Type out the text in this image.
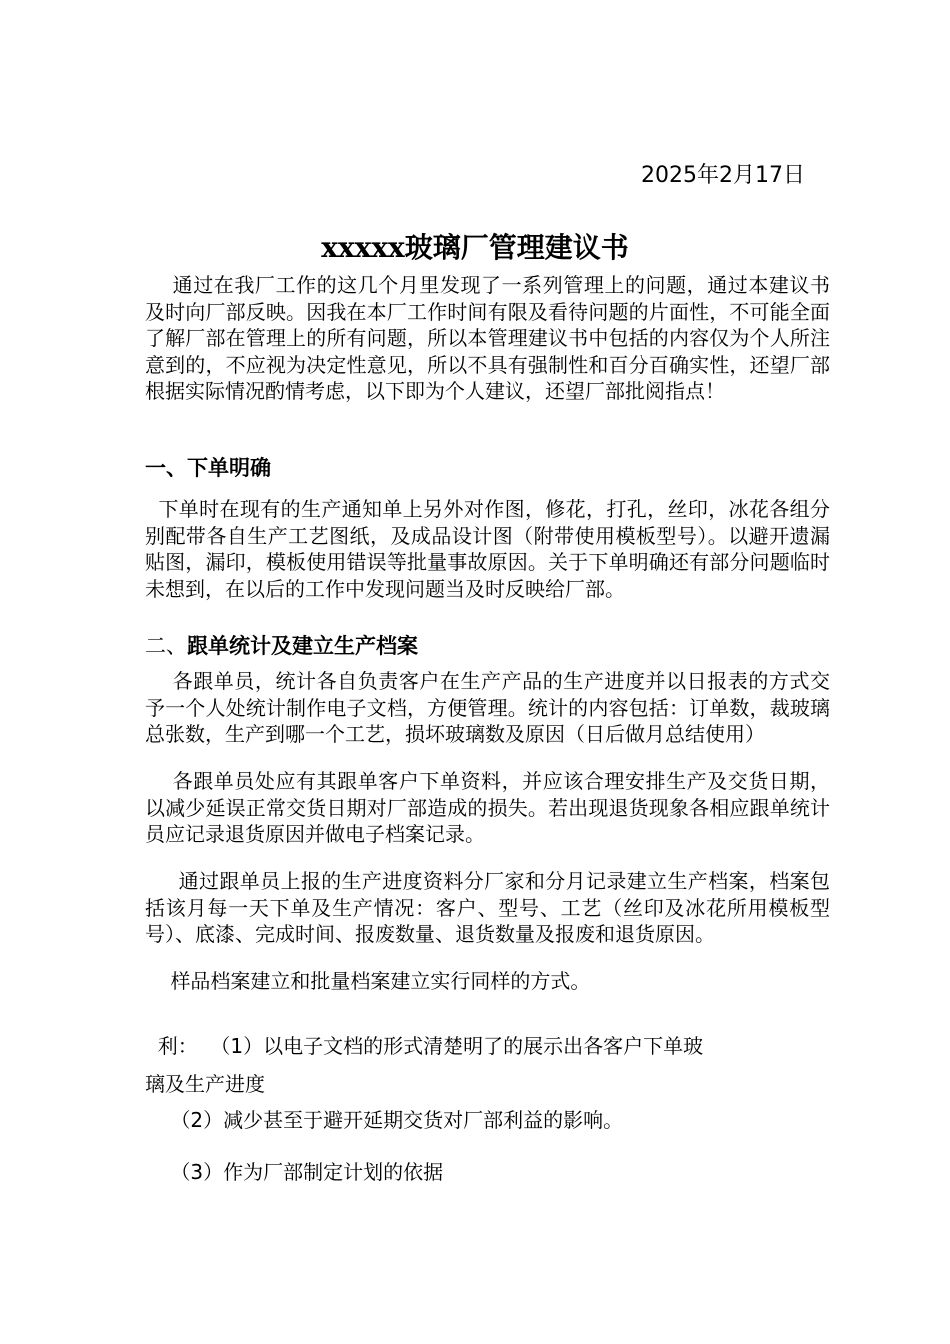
2025年2月17日
xxxxx玻璃厂管理建议书
通过在我厂工作的这几个月里发现了一系列管理上的问题，通过本建议书及时向厂部反映。因我在本厂工作时间有限及看待问题的片面性，不可能全面了解厂部在管理上的所有问题，所以本管理建议书中包括的内容仅为个人所注意到的，不应视为决定性意见，所以不具有强制性和百分百确实性，还望厂部根据实际情况酌情考虑，以下即为个人建议，还望厂部批阅指点！
一、下单明确
下单时在现有的生产通知单上另外对作图，修花，打孔，丝印，冰花各组分别配带各自生产工艺图纸，及成品设计图（附带使用模板型号）。以避开遗漏贴图，漏印，模板使用错误等批量事故原因。关于下单明确还有部分问题临时未想到，在以后的工作中发现问题当及时反映给厂部。
二、跟单统计及建立生产档案
各跟单员，统计各自负责客户在生产产品的生产进度并以日报表的方式交予一个人处统计制作电子文档，方便管理。统计的内容包括：订单数，裁玻璃总张数，生产到哪一个工艺，损坏玻璃数及原因（日后做月总结使用）
各跟单员处应有其跟单客户下单资料，并应该合理安排生产及交货日期，以减少延误正常交货日期对厂部造成的损失。若出现退货现象各相应跟单统计员应记录退货原因并做电子档案记录。
通过跟单员上报的生产进度资料分厂家和分月记录建立生产档案，档案包括该月每一天下单及生产情况：客户、型号、工艺（丝印及冰花所用模板型号）、底漆、完成时间、报废数量、退货数量及报废和退货原因。
样品档案建立和批量档案建立实行同样的方式。
利：  （1）以电子文档的形式清楚明了的展示出各客户下单玻
璃及生产进度
（2）减少甚至于避开延期交货对厂部利益的影响。
（3）作为厂部制定计划的依据
